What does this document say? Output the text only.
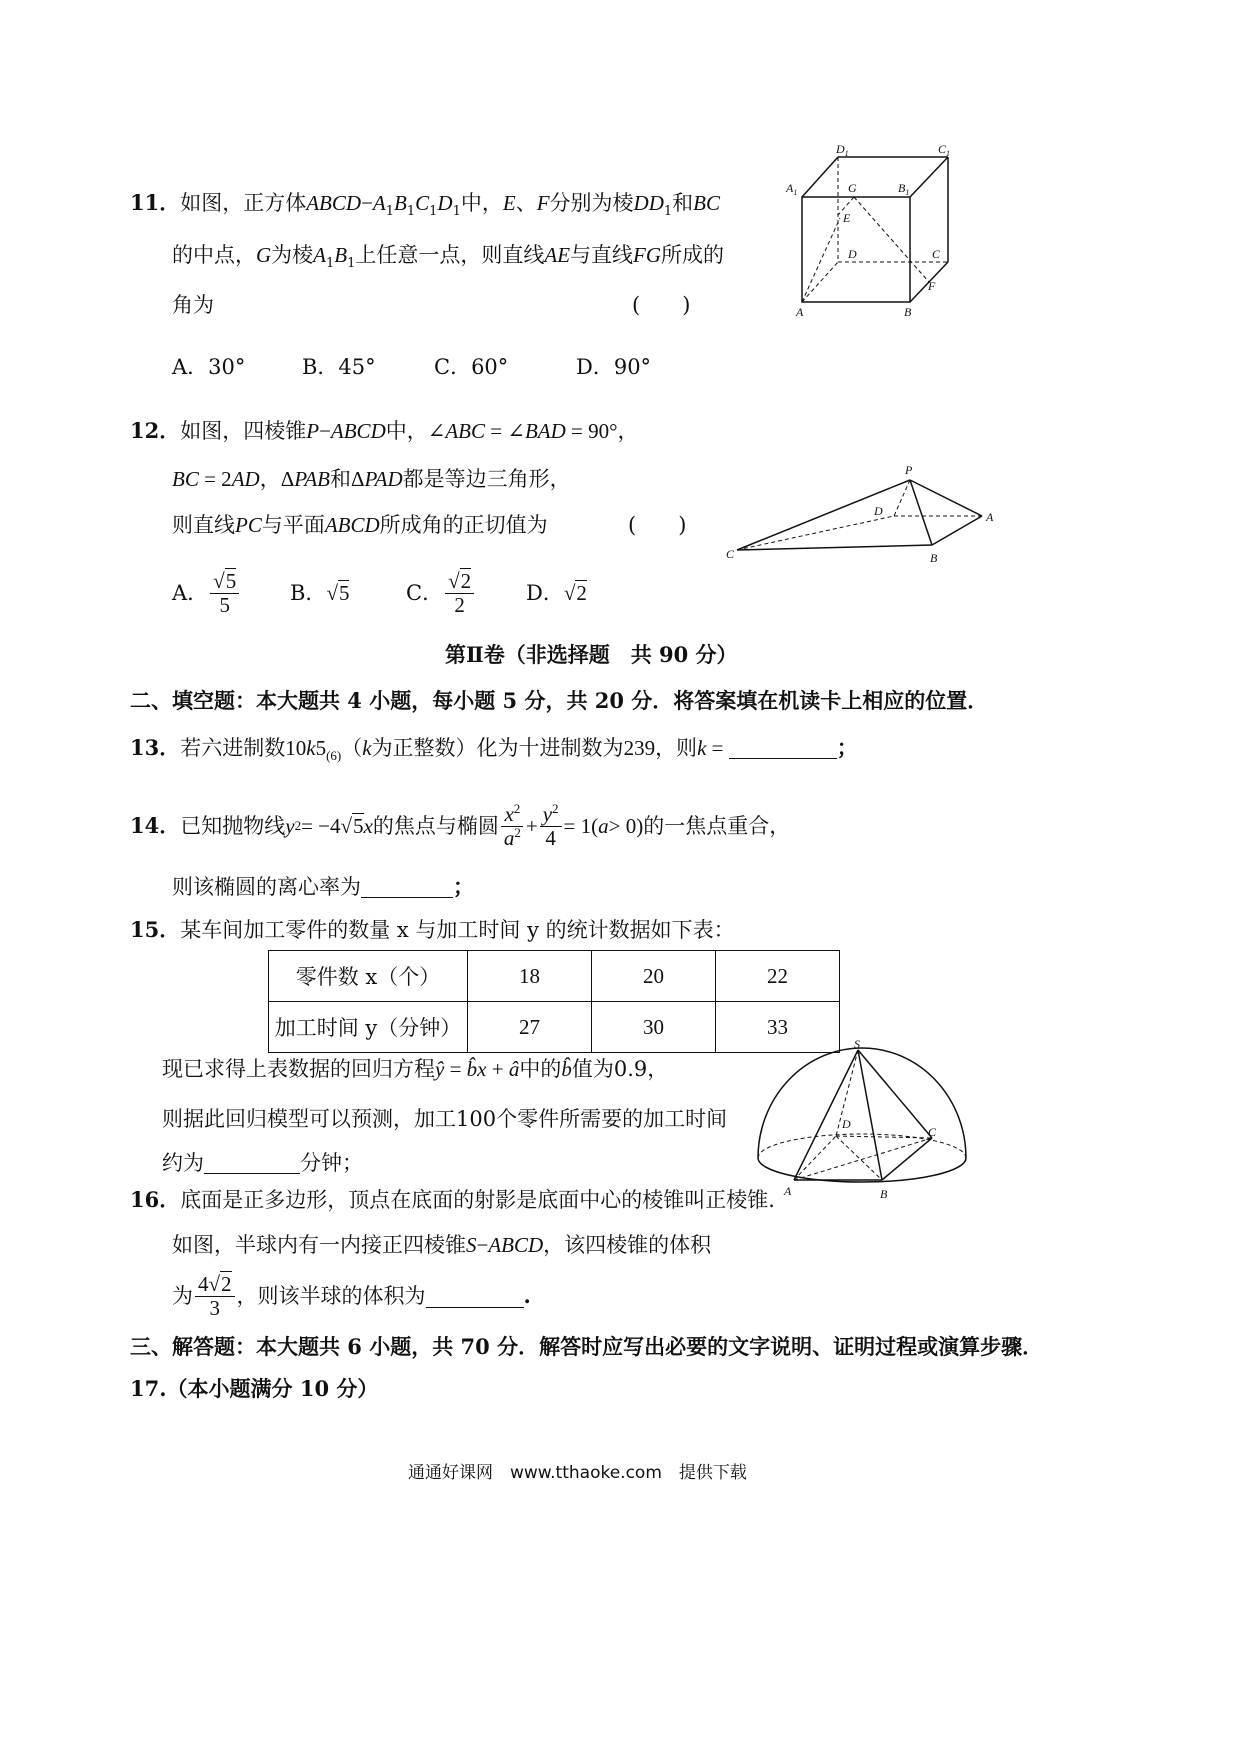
11．如图，正方体$ABCD-A_1B_1C_1D_1$中，E、F分别为棱$DD_1$和BC
的中点，G为棱$A_1B_1$上任意一点，则直线AE与直线FG所成的
角为	(　　)
A．30°	B．45°	C．60°	D．90°
$D_1$	$C_1$
$A_1$	G	$B_1$
E
D	C
F
A	B
12．如图，四棱锥P−ABCD中，∠ABC = ∠BAD = 90°，
BC = 2AD，ΔPAB和ΔPAD都是等边三角形，
则直线PC与平面ABCD所成角的正切值为	(　　)
A． $\frac{√5}{5}$ B． √5	C． $\frac{√2}{2}$ D． √2
P
D	A
C	B
第Ⅱ卷（非选择题　共 90 分）
二、填空题：本大题共 4 小题，每小题 5 分，共 20 分．将答案填在机读卡上相应的位置．
13．若六进制数$10k5_{(6)}(k$为正整数）化为十进制数为239，则k =	；
14． 已知抛物线 y 2 = −4 √5 x 的焦点与椭圆 $\frac{x^2}{a^2} + \frac{y^2}{4} = 1$( a > 0) 的一焦点重合，
则该椭圆的离心率为	；
15．某车间加工零件的数量 x 与加工时间 y 的统计数据如下表：
零件数 x（个）	18	20	22
加工时间 y（分钟）	27	30	33
现已求得上表数据的回归方程ŷ = b̂x + â中的b̂值为0.9，
则据此回归模型可以预测，加工100个零件所需要的加工时间
约为	分钟；
S
D
C
A	B
16．底面是正多边形，顶点在底面的射影是底面中心的棱锥叫正棱锥.
如图，半球内有一内接正四棱锥S−ABCD，该四棱锥的体积
为 $\frac{4√2}{3}$ ，则该半球的体积为	.
三、解答题：本大题共 6 小题，共 70 分．解答时应写出必要的文字说明、证明过程或演算步骤．
17.（本小题满分 10 分）
通通好课网　www.tthaoke.com　提供下载
